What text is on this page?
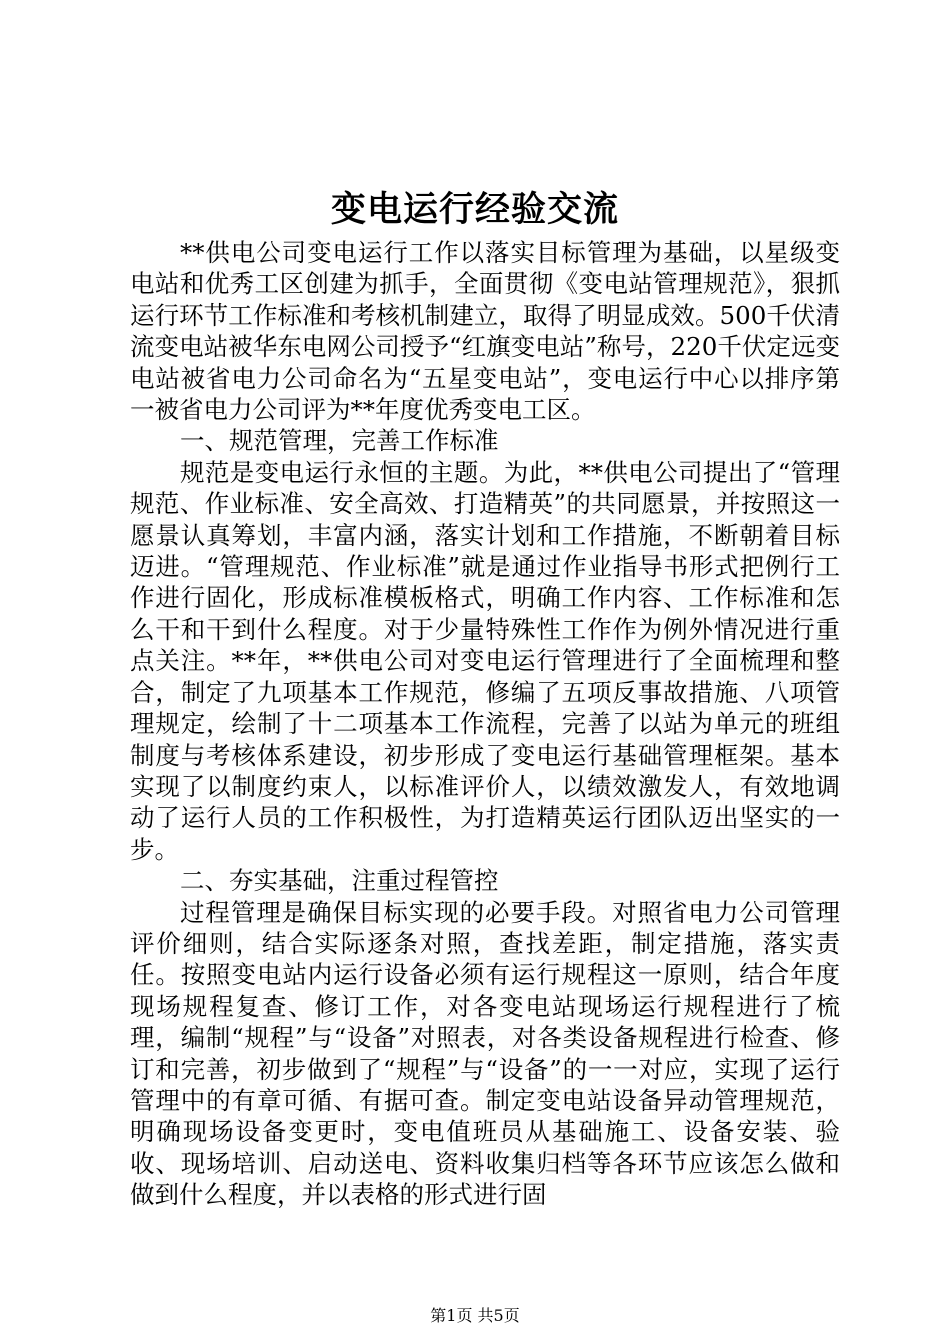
变电运行经验交流

**供电公司变电运行工作以落实目标管理为基础，以星级变电站和优秀工区创建为抓手，全面贯彻《变电站管理规范》，狠抓运行环节工作标准和考核机制建立，取得了明显成效。500千伏清流变电站被华东电网公司授予“红旗变电站”称号，220千伏定远变电站被省电力公司命名为“五星变电站”，变电运行中心以排序第一被省电力公司评为**年度优秀变电工区。

一、规范管理，完善工作标准

规范是变电运行永恒的主题。为此，**供电公司提出了“管理规范、作业标准、安全高效、打造精英”的共同愿景，并按照这一愿景认真筹划，丰富内涵，落实计划和工作措施，不断朝着目标迈进。“管理规范、作业标准”就是通过作业指导书形式把例行工作进行固化，形成标准模板格式，明确工作内容、工作标准和怎么干和干到什么程度。对于少量特殊性工作作为例外情况进行重点关注。**年，**供电公司对变电运行管理进行了全面梳理和整合，制定了九项基本工作规范，修编了五项反事故措施、八项管理规定，绘制了十二项基本工作流程，完善了以站为单元的班组制度与考核体系建设，初步形成了变电运行基础管理框架。基本实现了以制度约束人，以标准评价人，以绩效激发人，有效地调动了运行人员的工作积极性，为打造精英运行团队迈出坚实的一步。

二、夯实基础，注重过程管控

过程管理是确保目标实现的必要手段。对照省电力公司管理评价细则，结合实际逐条对照，查找差距，制定措施，落实责任。按照变电站内运行设备必须有运行规程这一原则，结合年度现场规程复查、修订工作，对各变电站现场运行规程进行了梳理，编制“规程”与“设备”对照表，对各类设备规程进行检查、修订和完善，初步做到了“规程”与“设备”的一一对应，实现了运行管理中的有章可循、有据可查。制定变电站设备异动管理规范，明确现场设备变更时，变电值班员从基础施工、设备安装、验收、现场培训、启动送电、资料收集归档等各环节应该怎么做和做到什么程度，并以表格的形式进行固

第1页 共5页
